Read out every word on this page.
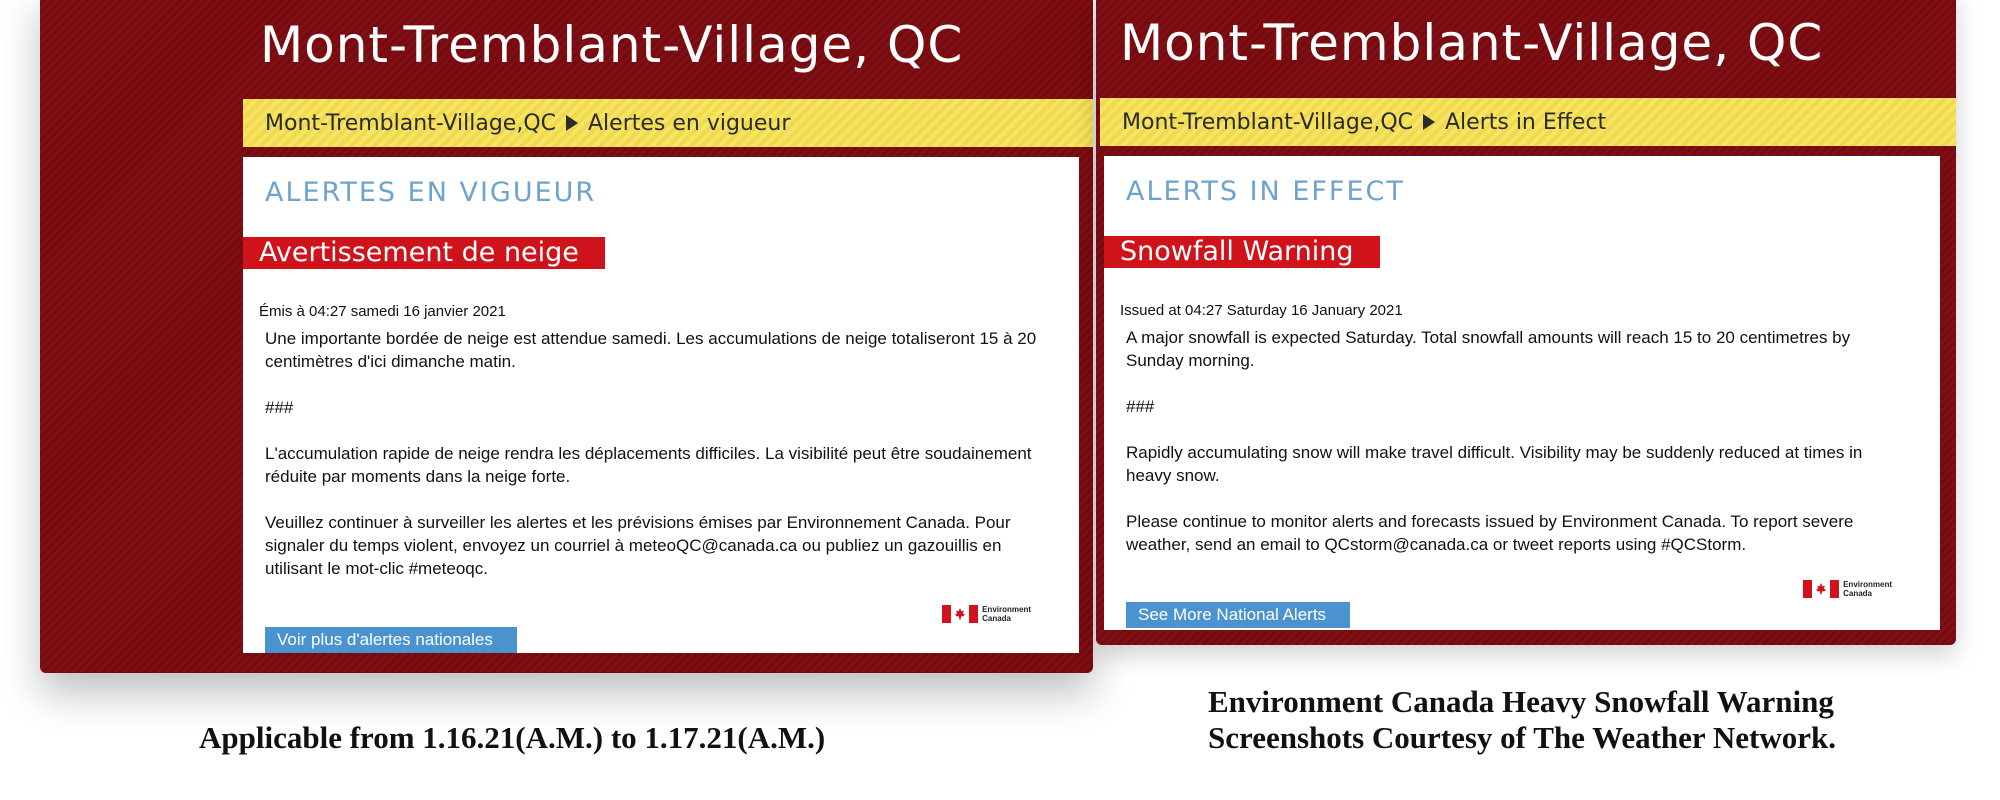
Mont-Tremblant-Village, QC
Mont-Tremblant-Village,QC Alertes en vigueur
ALERTES EN VIGUEUR
Avertissement de neige
Émis à 04:27 samedi 16 janvier 2021

Une importante bordée de neige est attendue samedi. Les accumulations de neige totaliseront 15 à 20 centimètres d'ici dimanche matin.

###

L'accumulation rapide de neige rendra les déplacements difficiles. La visibilité peut être soudainement réduite par moments dans la neige forte.

Veuillez continuer à surveiller les alertes et les prévisions émises par Environnement Canada. Pour signaler du temps violent, envoyez un courriel à meteoQC@canada.ca ou publiez un gazouillis en utilisant le mot-clic #meteoqc.

Environment
Canada
Voir plus d'alertes nationales
Mont-Tremblant-Village, QC
Mont-Tremblant-Village,QC Alerts in Effect
ALERTS IN EFFECT
Snowfall Warning
Issued at 04:27 Saturday 16 January 2021

A major snowfall is expected Saturday. Total snowfall amounts will reach 15 to 20 centimetres by Sunday morning.

###

Rapidly accumulating snow will make travel difficult. Visibility may be suddenly reduced at times in heavy snow.

Please continue to monitor alerts and forecasts issued by Environment Canada. To report severe weather, send an email to QCstorm@canada.ca or tweet reports using #QCStorm.

Environment
Canada
See More National Alerts
Applicable from 1.16.21(A.M.) to 1.17.21(A.M.)
Environment Canada Heavy Snowfall Warning
Screenshots Courtesy of The Weather Network.
